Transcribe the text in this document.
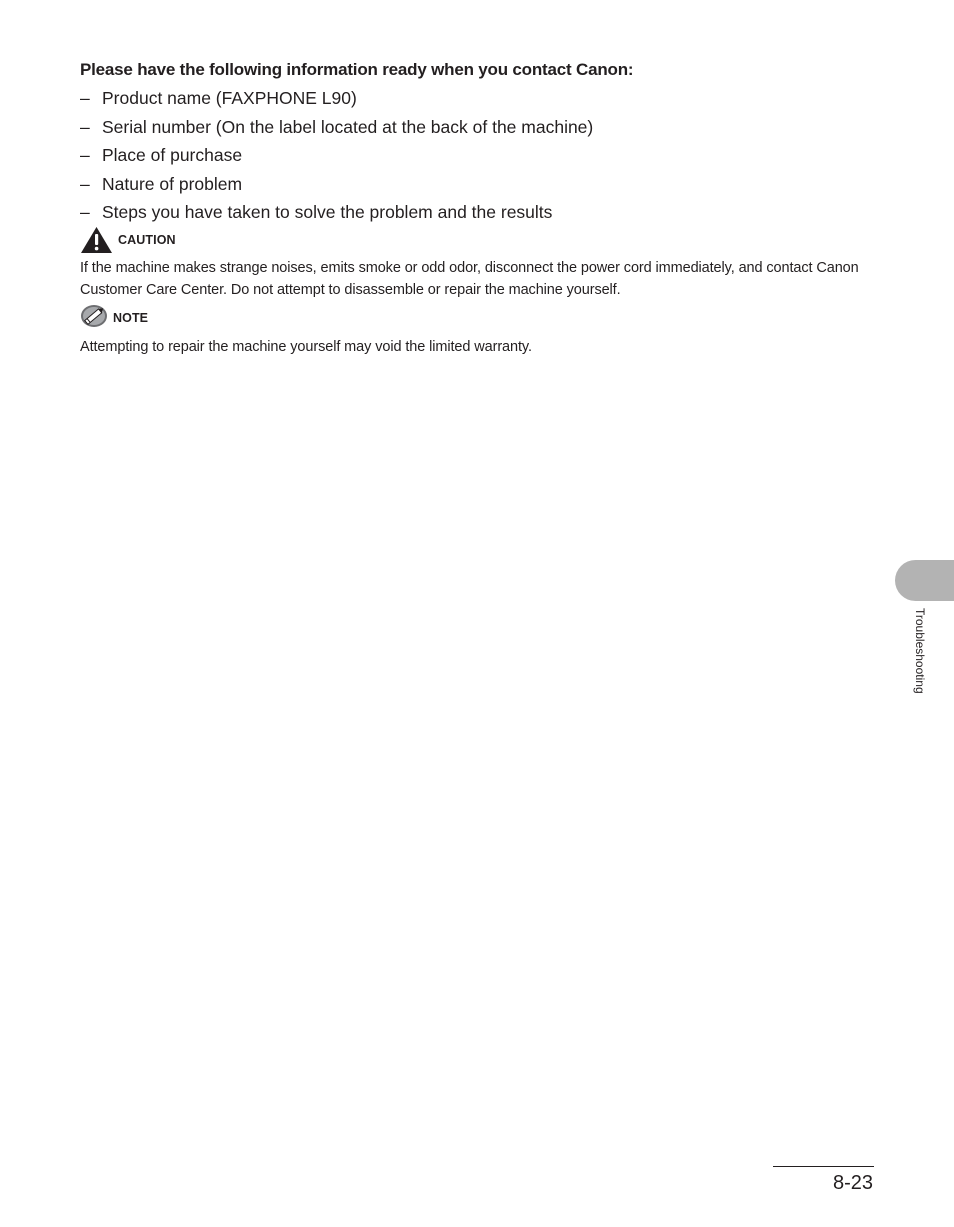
Please have the following information ready when you contact Canon:
– Product name (FAXPHONE L90)
– Serial number (On the label located at the back of the machine)
– Place of purchase
– Nature of problem
– Steps you have taken to solve the problem and the results
CAUTION
If the machine makes strange noises, emits smoke or odd odor, disconnect the power cord immediately, and contact Canon Customer Care Center. Do not attempt to disassemble or repair the machine yourself.
NOTE
Attempting to repair the machine yourself may void the limited warranty.
Troubleshooting
8-23
